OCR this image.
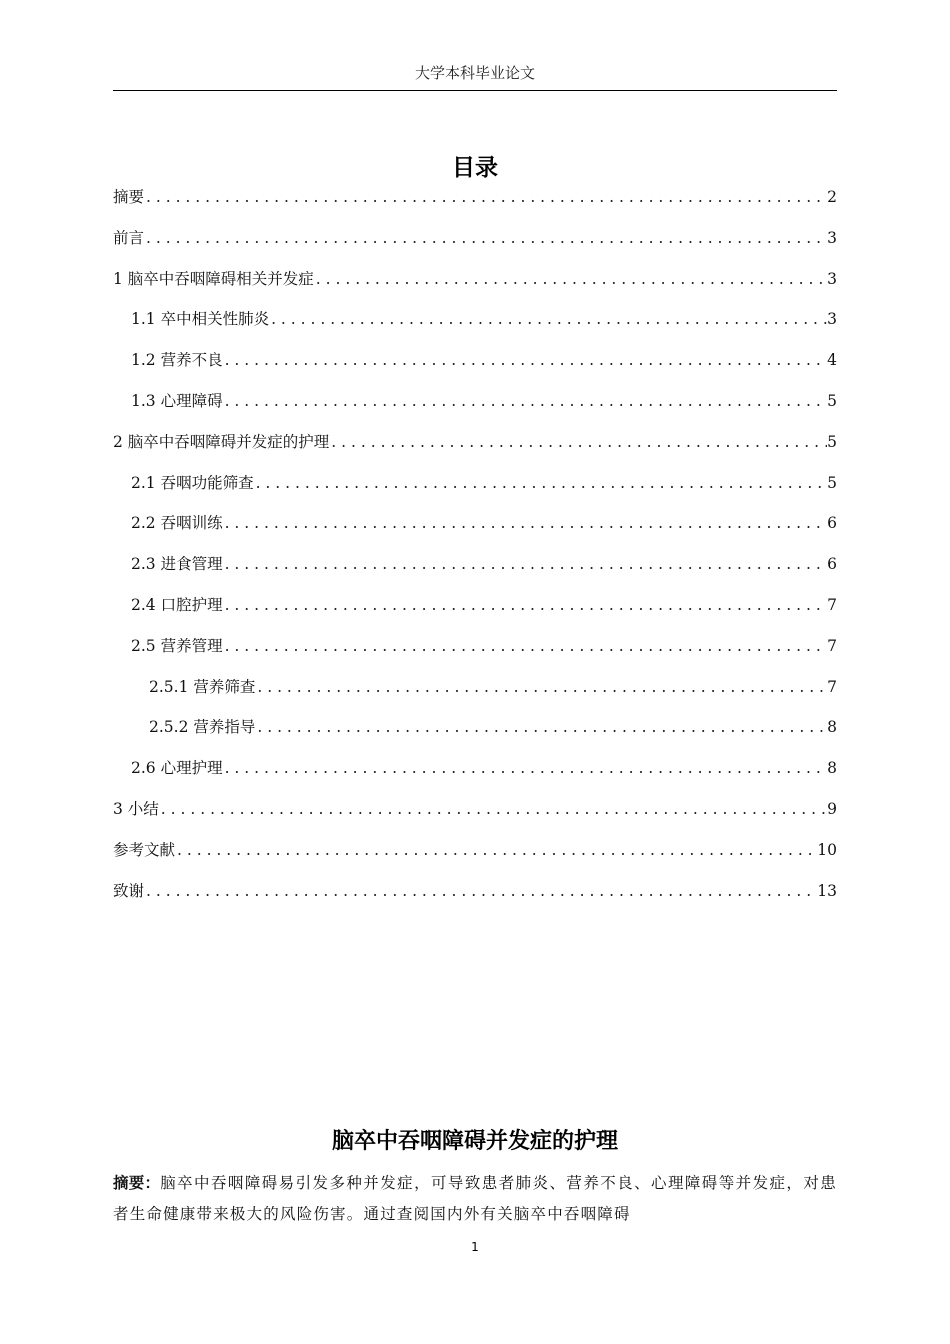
大学本科毕业论文
目录
摘要 . . .	2
前言 . . .	3
1 脑卒中吞咽障碍相关并发症 . . .	3
1.1 卒中相关性肺炎 . . .	3
1.2 营养不良 . . .	4
1.3 心理障碍 . . .	5
2 脑卒中吞咽障碍并发症的护理 . . .	5
2.1 吞咽功能筛查 . . .	5
2.2 吞咽训练 . . .	6
2.3 进食管理 . . .	6
2.4 口腔护理 . . .	7
2.5 营养管理 . . .	7
2.5.1 营养筛查 . . .	7
2.5.2 营养指导 . . .	8
2.6 心理护理 . . .	8
3 小结 . . .	9
参考文献 . . .	10
致谢 . . .	13
脑卒中吞咽障碍并发症的护理
摘要：脑卒中吞咽障碍易引发多种并发症，可导致患者肺炎、营养不良、心理障碍等并发症，对患者生命健康带来极大的风险伤害。通过查阅国内外有关脑卒中吞咽障碍
1
